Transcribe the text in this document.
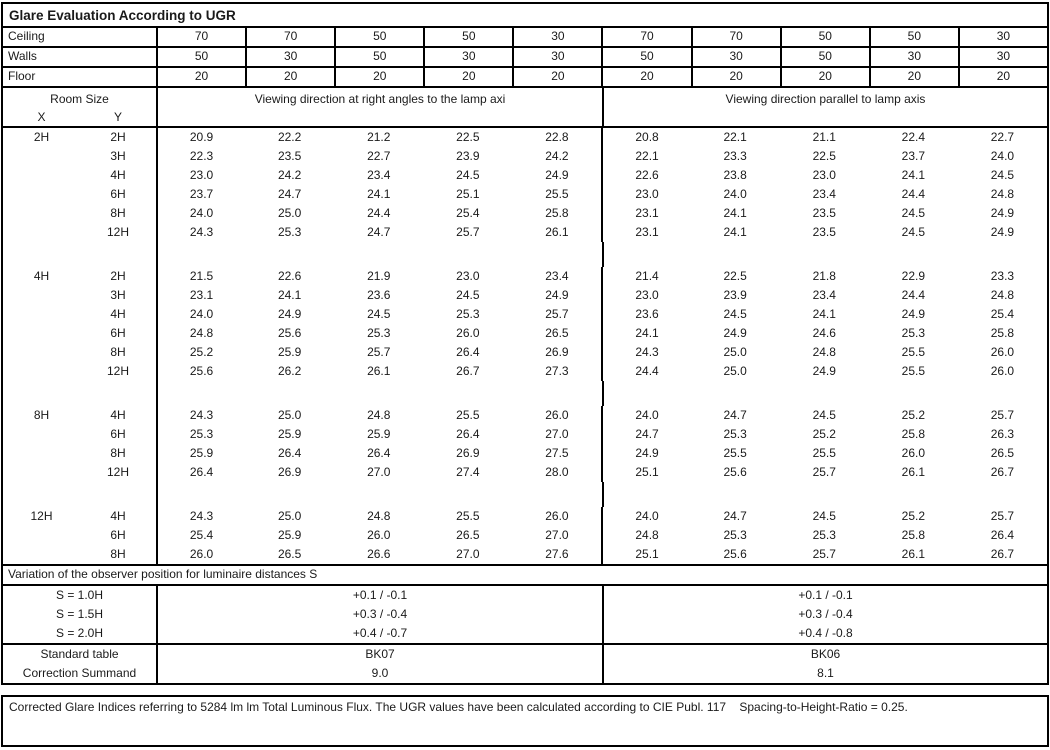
Glare Evaluation According to UGR
Ceiling	70	70	50	50	30	70	70	50	50	30
Walls	50	30	50	30	30	50	30	50	30	30
Floor	20	20	20	20	20	20	20	20	20	20
Room Size
X	Y
Viewing direction at right angles to the lamp axi	Viewing direction parallel to lamp axis
2H	2H	20.9	22.2	21.2	22.5	22.8	20.8	22.1	21.1	22.4	22.7
3H	22.3	23.5	22.7	23.9	24.2	22.1	23.3	22.5	23.7	24.0
4H	23.0	24.2	23.4	24.5	24.9	22.6	23.8	23.0	24.1	24.5
6H	23.7	24.7	24.1	25.1	25.5	23.0	24.0	23.4	24.4	24.8
8H	24.0	25.0	24.4	25.4	25.8	23.1	24.1	23.5	24.5	24.9
12H	24.3	25.3	24.7	25.7	26.1	23.1	24.1	23.5	24.5	24.9
4H	2H	21.5	22.6	21.9	23.0	23.4	21.4	22.5	21.8	22.9	23.3
3H	23.1	24.1	23.6	24.5	24.9	23.0	23.9	23.4	24.4	24.8
4H	24.0	24.9	24.5	25.3	25.7	23.6	24.5	24.1	24.9	25.4
6H	24.8	25.6	25.3	26.0	26.5	24.1	24.9	24.6	25.3	25.8
8H	25.2	25.9	25.7	26.4	26.9	24.3	25.0	24.8	25.5	26.0
12H	25.6	26.2	26.1	26.7	27.3	24.4	25.0	24.9	25.5	26.0
8H	4H	24.3	25.0	24.8	25.5	26.0	24.0	24.7	24.5	25.2	25.7
6H	25.3	25.9	25.9	26.4	27.0	24.7	25.3	25.2	25.8	26.3
8H	25.9	26.4	26.4	26.9	27.5	24.9	25.5	25.5	26.0	26.5
12H	26.4	26.9	27.0	27.4	28.0	25.1	25.6	25.7	26.1	26.7
12H	4H	24.3	25.0	24.8	25.5	26.0	24.0	24.7	24.5	25.2	25.7
6H	25.4	25.9	26.0	26.5	27.0	24.8	25.3	25.3	25.8	26.4
8H	26.0	26.5	26.6	27.0	27.6	25.1	25.6	25.7	26.1	26.7
Variation of the observer position for luminaire distances S
S = 1.0H	+0.1 / -0.1	+0.1 / -0.1
S = 1.5H	+0.3 / -0.4	+0.3 / -0.4
S = 2.0H	+0.4 / -0.7	+0.4 / -0.8
Standard table	BK07	BK06
Correction Summand	9.0	8.1
Corrected Glare Indices referring to 5284 lm lm Total Luminous Flux. The UGR values have been calculated according to CIE Publ. 117    Spacing-to-Height-Ratio = 0.25.
